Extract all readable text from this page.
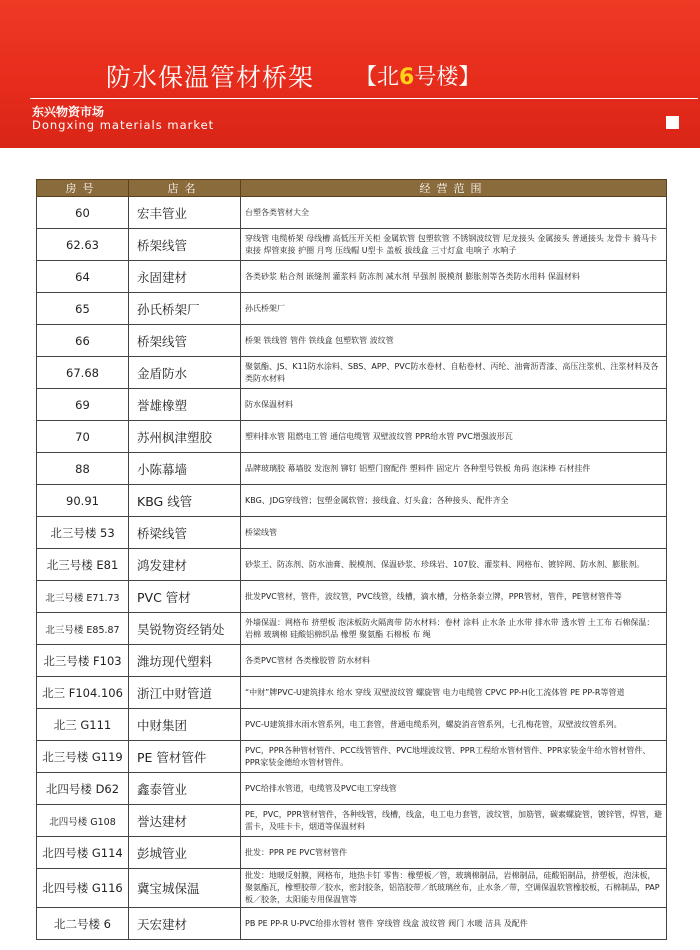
防水保温管材桥架 【北6号楼】
东兴物资市场
Dongxing materials market
房号	店名	经营范围
60	宏丰管业	台塑各类管材大全
62.63	桥架线管	穿线管 电缆桥架 母线槽 高低压开关柜 金属软管 包塑软管 不锈钢波纹管 尼龙接头 金属接头 普通接头 龙骨卡 骑马卡 束接 焊管束接 护圈 月弯 压线帽 U型卡 盖板 拔线盒 三寸灯盒 电响子 水响子
64	永固建材	各类砂浆 粘合剂 嵌缝剂 灌浆料 防冻剂 减水剂 早强剂 脱模剂 膨胀剂等各类防水用料 保温材料
65	孙氏桥架厂	孙氏桥架厂
66	桥架线管	桥架 铁线管 管件 铁线盒 包塑软管 波纹管
67.68	金盾防水	聚氨酯、JS、K11防水涂料、SBS、APP、PVC防水卷材、自粘卷材、丙纶、油膏沥青漆、高压注浆机、注浆材料及各类防水材料
69	誉雄橡塑	防水保温材料
70	苏州枫津塑胶	塑料排水管 阻燃电工管 通信电缆管 双壁波纹管 PPR给水管 PVC增强波形瓦
88	小陈幕墙	品牌玻璃胶 幕墙胶 发泡剂 铆钉 铝塑门窗配件 塑料件 固定片 各种型号铁板 角码 泡沫棒 石材挂件
90.91	KBG 线管	KBG、JDG穿线管；包塑金属软管；接线盒、灯头盒；各种接头、配件齐全
北三号楼 53	桥梁线管	桥梁线管
北三号楼 E81	鸿发建材	砂浆王、防冻剂、防水油膏、脱模剂、保温砂浆、珍珠岩、107胶、灌浆料、网格布、镀锌网、防水剂、膨胀剂。
北三号楼 E71.73	PVC 管材	批发PVC管材，管件，波纹管，PVC线管，线槽，滴水槽，分格条泰立牌，PPR管材，管件，PE管材管件等
北三号楼 E85.87	昊锐物资经销处	外墙保温：网格布 挤塑板 泡沫板防火隔离带 防水材料：卷材 涂料 止水条 止水带 排水带 透水管 土工布 石棉保温：岩棉 玻璃棉 硅酸铝棉织品 橡塑 聚氨酯 石棉板 布 绳
北三号楼 F103	潍坊现代塑料	各类PVC管材 各类橡胶管 防水材料
北三 F104.106	浙江中财管道	“中财”牌PVC-U建筑排水 给水 穿线 双壁波纹管 螺旋管 电力电缆管 CPVC PP-H化工流体管 PE PP-R等管道
北三 G111	中财集团	PVC-U建筑排水雨水管系列，电工套管，普通电缆系列，螺旋消音管系列，七孔梅花管，双壁波纹管系列。
北三号楼 G119	PE 管材管件	PVC，PPR各种管材管件、PCC线管管件、PVC地埋波纹管、PPR工程给水管材管件、PPR家装金牛给水管材管件、PPR家装金德给水管材管件。
北四号楼 D62	鑫泰管业	PVC给排水管道，电缆管及PVC电工穿线管
北四号楼 G108	誉达建材	PE，PVC，PPR管材管件，各种线管，线槽，线盒，电工电力套管，波纹管，加筋管，碳素螺旋管，镀锌管，焊管，避雷卡，及哇卡卡，烟道等保温材料
北四号楼 G114	彭城管业	批发：PPR PE PVC管材管件
北四号楼 G116	冀宝城保温	批发：地暖反射膜，网格布，地热卡钉 零售：橡塑板／管，玻璃棉制品，岩棉制品，硅酸铝制品，挤塑板，泡沫板，聚氨酯瓦，橡塑胶带／胶水，密封胶条，铝箔胶带／纸玻璃丝布，止水条／带，空调保温软管橡胶板，石棉制品，PAP板／胶条，太阳能专用保温管等
北二号楼 6	天宏建材	PB PE PP-R U-PVC给排水管材 管件 穿线管 线盒 波纹管 阀门 水暖 洁具 及配件
